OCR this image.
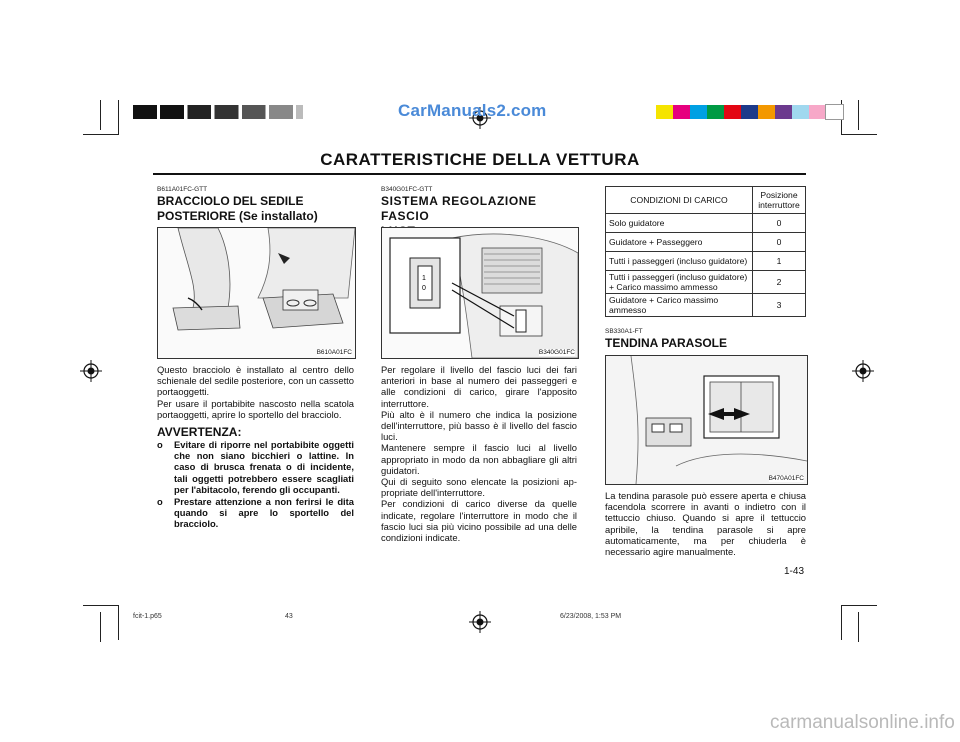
CarManuals2.com
CARATTERISTICHE DELLA VETTURA
B611A01FC-GTT
BRACCIOLO DEL SEDILE
POSTERIORE (Se installato)
B610A01FC
Questo bracciolo è installato al centro dello schienale del sedile posteriore, con un cassetto portaoggetti.
Per usare il portabibite nascosto nella scatola portaoggetti, aprire lo sportello del bracciolo.
AVVERTENZA:
o Evitare di riporre nel portabibite oggetti che non siano bicchieri o lattine. In caso di brusca frenata o di incidente, tali oggetti potrebbero essere scagliati per l'abitacolo, ferendo gli occupanti.
o Prestare attenzione a non ferirsi le dita quando si apre lo sportello del bracciolo.
B340G01FC-GTT
SISTEMA REGOLAZIONE FASCIO
1
0
B340G01FC
Per regolare il livello del fascio luci dei fari anteriori in base al numero dei passeggeri e alle condizioni di carico, girare l'apposito interruttore.
Più alto è il numero che indica la posizione dell'interruttore, più basso è il livello del fascio luci.
Mantenere sempre il fascio luci al livello appropriato in modo da non abbagliare gli altri guidatori.
Qui di seguito sono elencate la posizioni ap-propriate dell'interruttore.
Per condizioni di carico diverse da quelle indicate, regolare l'interruttore in modo che il fascio luci sia più vicino possibile ad una delle condizioni indicate.
CONDIZIONI DI CARICO	Posizione interruttore
Solo guidatore	0
Guidatore + Passeggero	0
Tutti i passeggeri (incluso guidatore)	1
Tutti i passeggeri (incluso guidatore) + Carico massimo ammesso	2
Guidatore + Carico massimo ammesso	3
SB330A1-FT
TENDINA PARASOLE
B470A01FC
La tendina parasole può essere aperta e chiusa facendola scorrere in avanti o indietro con il tettuccio chiuso. Quando si apre il tettuccio apribile, la tendina parasole si apre automaticamente, ma per chiuderla è necessario agire manualmente.
1-43
fcit-1.p65	43	6/23/2008, 1:53 PM
carmanualsonline.info
